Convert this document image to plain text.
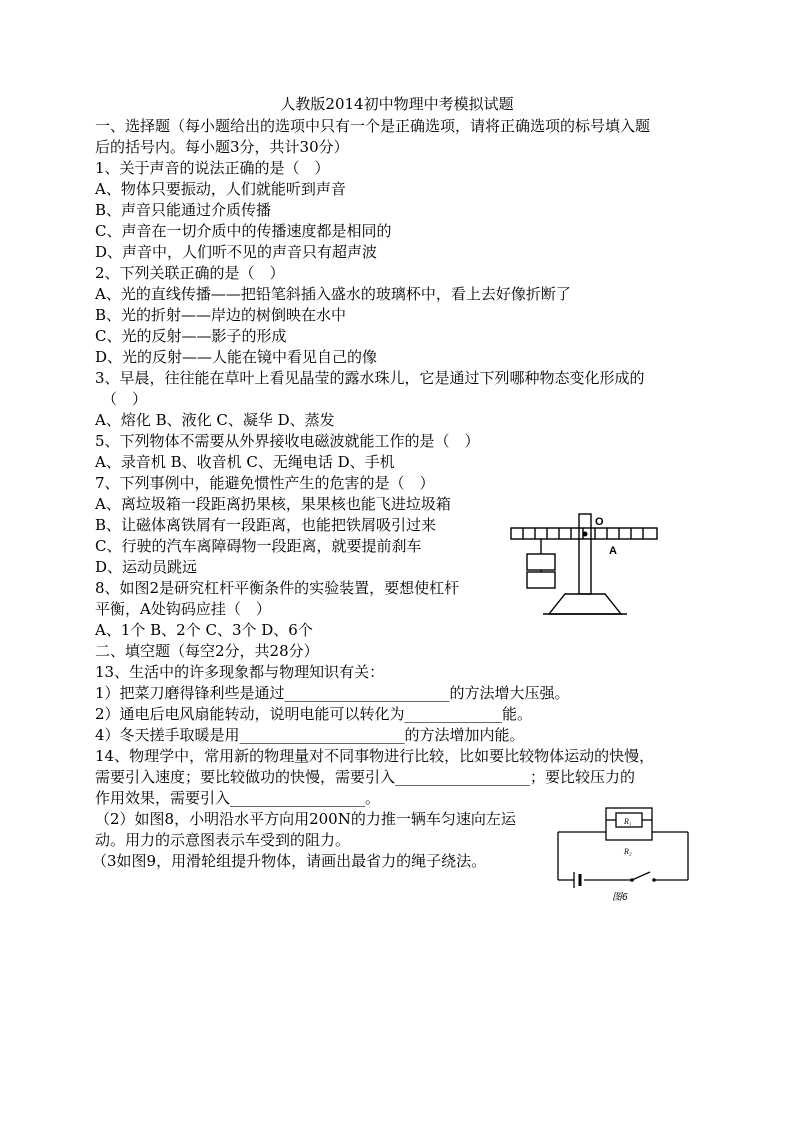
人教版2014初中物理中考模拟试题
一、选择题（每小题给出的选项中只有一个是正确选项，请将正确选项的标号填入题
后的括号内。每小题3分，共计30分）
1、关于声音的说法正确的是（　）
A、物体只要振动，人们就能听到声音
B、声音只能通过介质传播
C、声音在一切介质中的传播速度都是相同的
D、声音中，人们听不见的声音只有超声波
2、下列关联正确的是（　）
A、光的直线传播——把铅笔斜插入盛水的玻璃杯中，看上去好像折断了
B、光的折射——岸边的树倒映在水中
C、光的反射——影子的形成
D、光的反射——人能在镜中看见自己的像
3、早晨，往往能在草叶上看见晶莹的露水珠儿，它是通过下列哪种物态变化形成的
（　）
A、熔化 B、液化 C、凝华 D、蒸发
5、下列物体不需要从外界接收电磁波就能工作的是（　）
A、录音机 B、收音机 C、无绳电话 D、手机
7、下列事例中，能避免惯性产生的危害的是（　）
A、离垃圾箱一段距离扔果核，果果核也能飞进垃圾箱
B、让磁体离铁屑有一段距离，也能把铁屑吸引过来
C、行驶的汽车离障碍物一段距离，就要提前刹车
D、运动员跳远
8、如图2是研究杠杆平衡条件的实验装置，要想使杠杆
平衡，A处钩码应挂（　）
A、1个 B、2个 C、3个 D、6个
二、填空题（每空2分，共28分）
13、生活中的许多现象都与物理知识有关：
1）把菜刀磨得锋利些是通过______________________的方法增大压强。
2）通电后电风扇能转动，说明电能可以转化为_____________能。
4）冬天搓手取暖是用______________________的方法增加内能。
14、物理学中，常用新的物理量对不同事物进行比较，比如要比较物体运动的快慢，
需要引入速度；要比较做功的快慢，需要引入__________________；要比较压力的
作用效果，需要引入__________________。
（2）如图8，小明沿水平方向用200N的力推一辆车匀速向左运
动。用力的示意图表示车受到的阻力。
（3如图9，用滑轮组提升物体，请画出最省力的绳子绕法。
O
A
R₁
R₂
图6
